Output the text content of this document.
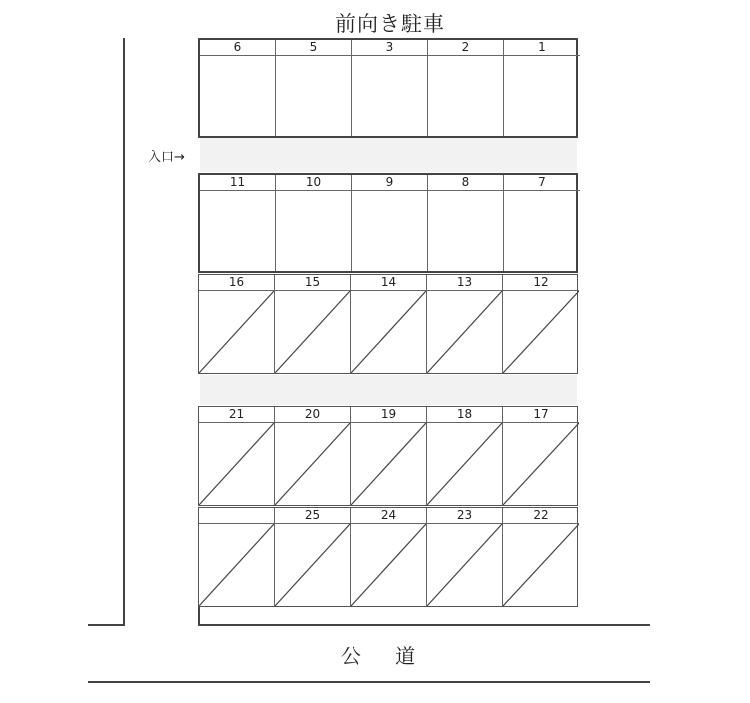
前向き駐車
入口→
公 道
6	5	3	2	1
11	10	9	8	7
16	15	14	13	12
21	20	19	18	17
25	24	23	22
